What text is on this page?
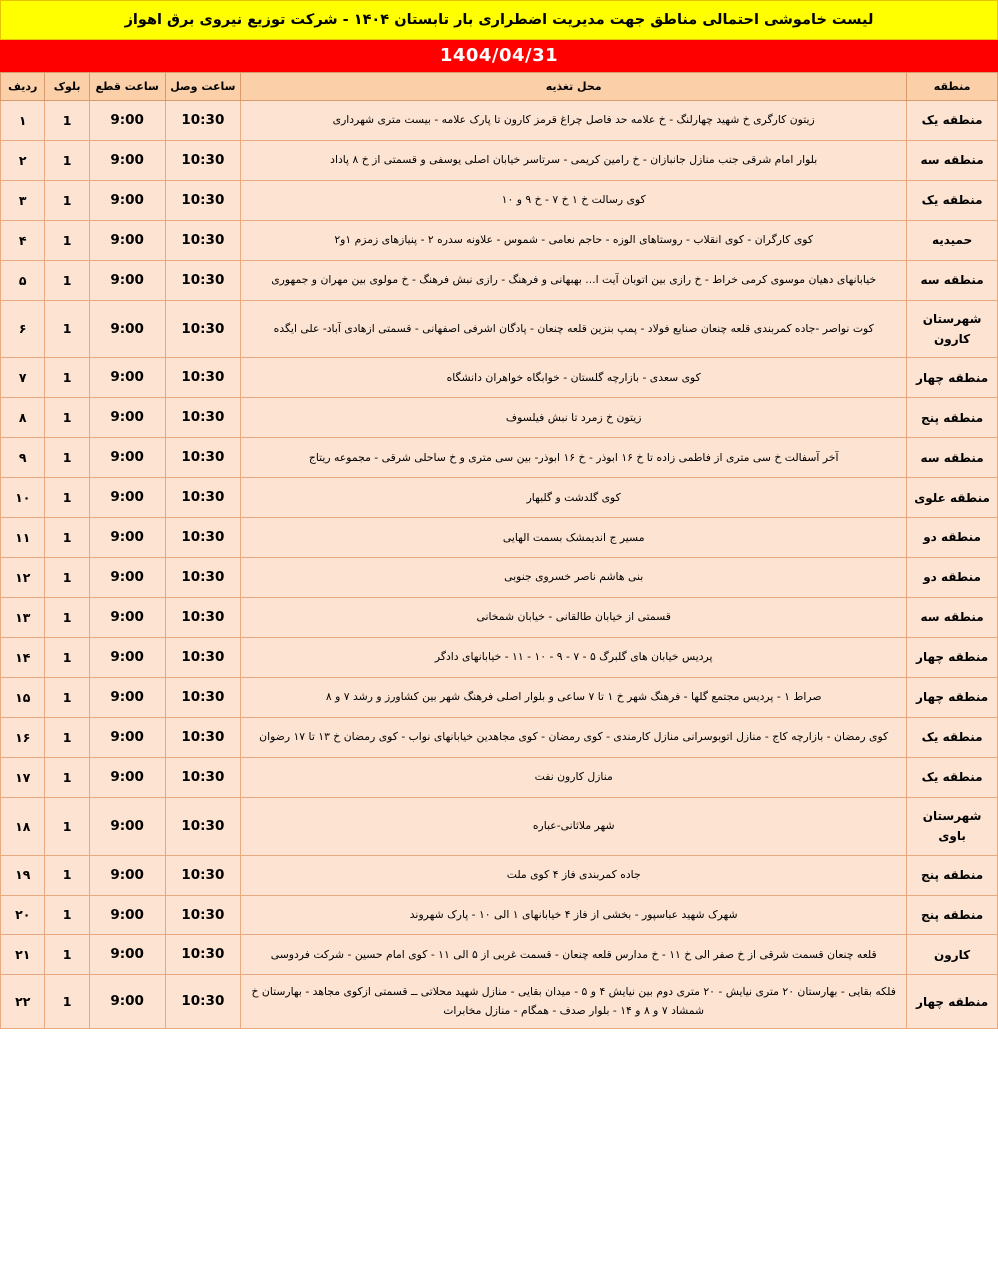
لیست خاموشی احتمالی مناطق جهت مدیریت اضطراری بار تابستان ۱۴۰۴ - شرکت توزیع نیروی برق اهواز
1404/04/31
منطقه	محل تغذیه	ساعت وصل	ساعت قطع	بلوک	ردیف
منطقه یک	زیتون کارگری خ شهید چهارلنگ - خ علامه حد فاصل چراغ قرمز کارون تا پارک علامه - بیست متری شهرداری	10:30	9:00	1	۱
منطقه سه	بلوار امام شرقی جنب منازل جانبازان - خ رامین کریمی - سرتاسر خیابان اصلی یوسفی و قسمتی از خ ۸ پاداد	10:30	9:00	1	۲
منطقه یک	کوی رسالت خ ۱ خ ۷ - خ ۹ و ۱۰	10:30	9:00	1	۳
حمیدیه	کوی کارگران - کوی انقلاب - روستاهای الوزه - حاجم نعامی - شموس - علاونه سدره ۲ - پنیازهای زمزم ۱و۲	10:30	9:00	1	۴
منطقه سه	خیابانهای دهیان موسوی کرمی خراط - خ رازی بین اتوبان آیت ا... بهبهانی و فرهنگ - رازی نبش فرهنگ - خ مولوی بین مهران و جمهوری	10:30	9:00	1	۵
شهرستان کارون	کوت نواصر -جاده کمربندی قلعه چنعان صنایع فولاد - پمپ بنزین قلعه چنعان - پادگان اشرفی اصفهانی - قسمتی ازهادی آباد- علی ایگده	10:30	9:00	1	۶
منطقه چهار	کوی سعدی - بازارچه گلستان - خوابگاه خواهران دانشگاه	10:30	9:00	1	۷
منطقه پنج	زیتون خ زمرد تا نبش فیلسوف	10:30	9:00	1	۸
منطقه سه	آخر آسفالت خ سی متری از فاطمی زاده تا خ ۱۶ ابوذر - خ ۱۶ ابوذر- بین سی متری و خ ساحلی شرقی - مجموعه ریتاج	10:30	9:00	1	۹
منطقه علوی	کوی گلدشت و گلبهار	10:30	9:00	1	۱۰
منطقه دو	مسیر ج اندیمشک بسمت الهایی	10:30	9:00	1	۱۱
منطقه دو	بنی هاشم ناصر خسروی جنوبی	10:30	9:00	1	۱۲
منطقه سه	قسمتی از خیابان طالقانی - خیابان شمخانی	10:30	9:00	1	۱۳
منطقه چهار	پردیس خیابان های گلبرگ ۵ - ۷ - ۹ - ۱۰ - ۱۱ - خیابانهای دادگر	10:30	9:00	1	۱۴
منطقه چهار	صراط ۱ - پردیس مجتمع گلها - فرهنگ شهر خ ۱ تا ۷ ساعی و بلوار اصلی فرهنگ شهر بین کشاورز و رشد ۷ و ۸	10:30	9:00	1	۱۵
منطقه یک	کوی رمضان - بازارچه کاج - منازل اتوبوسرانی منازل کارمندی - کوی رمضان - کوی مجاهدین خیابانهای نواب - کوی رمضان خ ۱۳ تا ۱۷ رضوان	10:30	9:00	1	۱۶
منطقه یک	منازل کارون نفت	10:30	9:00	1	۱۷
شهرستان باوی	شهر ملاثانی-عباره	10:30	9:00	1	۱۸
منطقه پنج	جاده کمربندی فاز ۴ کوی ملت	10:30	9:00	1	۱۹
منطقه پنج	شهرک شهید عباسپور - بخشی از فاز ۴ خیابانهای ۱ الی ۱۰ - پارک شهروند	10:30	9:00	1	۲۰
کارون	قلعه چنعان قسمت شرقی از خ صفر الی خ ۱۱ - خ مدارس قلعه چنعان - قسمت غربی از ۵ الی ۱۱ - کوی امام حسین - شرکت فردوسی	10:30	9:00	1	۲۱
منطقه چهار	فلکه بقایی - بهارستان ۲۰ متری نیایش - ۲۰ متری دوم بین نیایش ۴ و ۵ - میدان بقایی - منازل شهید محلاتی ــ قسمتی ازکوی مجاهد - بهارستان خ شمشاد ۷ و ۸ و ۱۴ - بلوار صدف - همگام - منازل مخابرات	10:30	9:00	1	۲۲
